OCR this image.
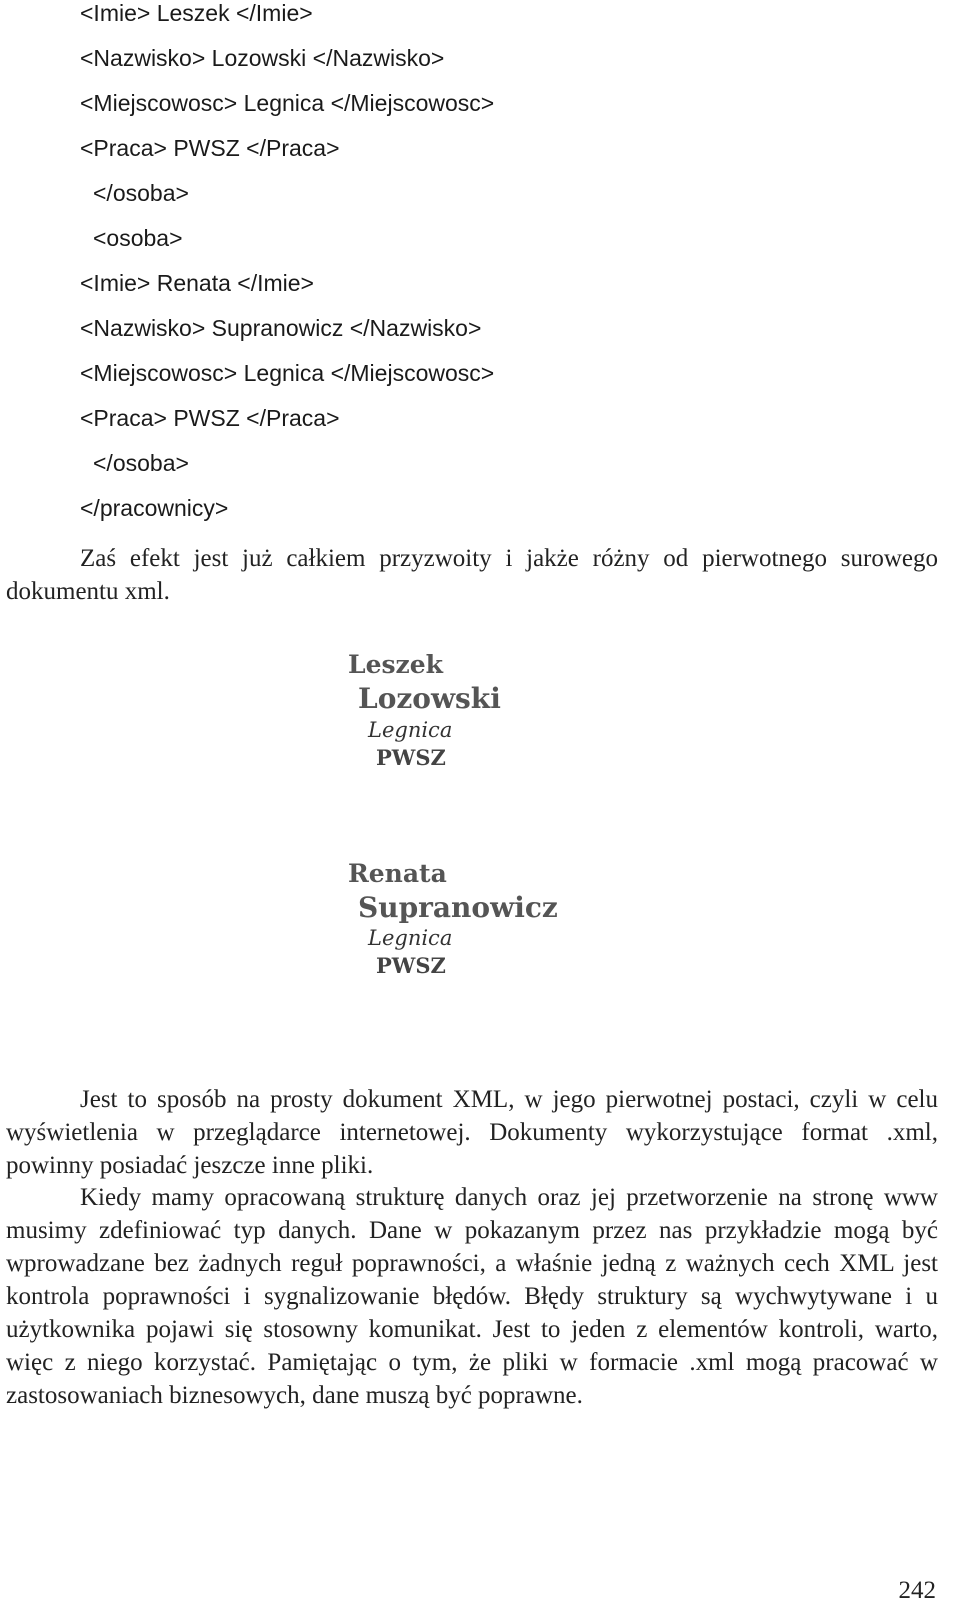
<Imie> Leszek </Imie>
<Nazwisko> Lozowski </Nazwisko>
<Miejscowosc> Legnica </Miejscowosc>
<Praca> PWSZ </Praca>
</osoba>
<osoba>
<Imie> Renata </Imie>
<Nazwisko> Supranowicz </Nazwisko>
<Miejscowosc> Legnica </Miejscowosc>
<Praca> PWSZ </Praca>
</osoba>
</pracownicy>
Zaś efekt jest już całkiem przyzwoity i jakże różny od pierwotnego surowego dokumentu xml.
Leszek
Lozowski
Legnica
PWSZ
Renata
Supranowicz
Legnica
PWSZ
Jest to sposób na prosty dokument XML, w jego pierwotnej postaci, czyli w celu wyświetlenia w przeglądarce internetowej. Dokumenty wykorzystujące format .xml, powinny posiadać jeszcze inne pliki.
Kiedy mamy opracowaną strukturę danych oraz jej przetworzenie na stronę www musimy zdefiniować typ danych. Dane w pokazanym przez nas przykładzie mogą być wprowadzane bez żadnych reguł poprawności, a właśnie jedną z ważnych cech XML jest kontrola poprawności i sygnalizowanie błędów. Błędy struktury są wychwytywane i u użytkownika pojawi się stosowny komunikat. Jest to jeden z elementów kontroli, warto, więc z niego korzystać. Pamiętając o tym, że pliki w formacie .xml mogą pracować w zastosowaniach biznesowych, dane muszą być poprawne.
242
